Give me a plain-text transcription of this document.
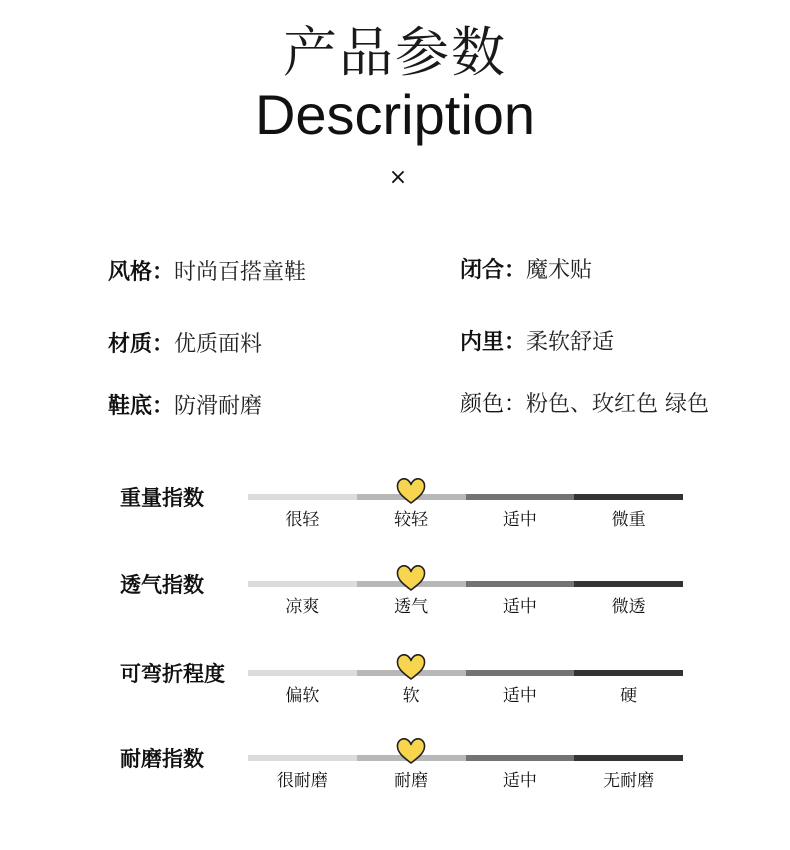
产品参数
Description
×
风格：时尚百搭童鞋
材质：优质面料
鞋底：防滑耐磨
闭合：魔术贴
内里：柔软舒适
颜色：粉色、玫红色 绿色
重量指数
很轻	较轻	适中	微重
透气指数
凉爽	透气	适中	微透
可弯折程度
偏软	软	适中	硬
耐磨指数
很耐磨	耐磨	适中	无耐磨
